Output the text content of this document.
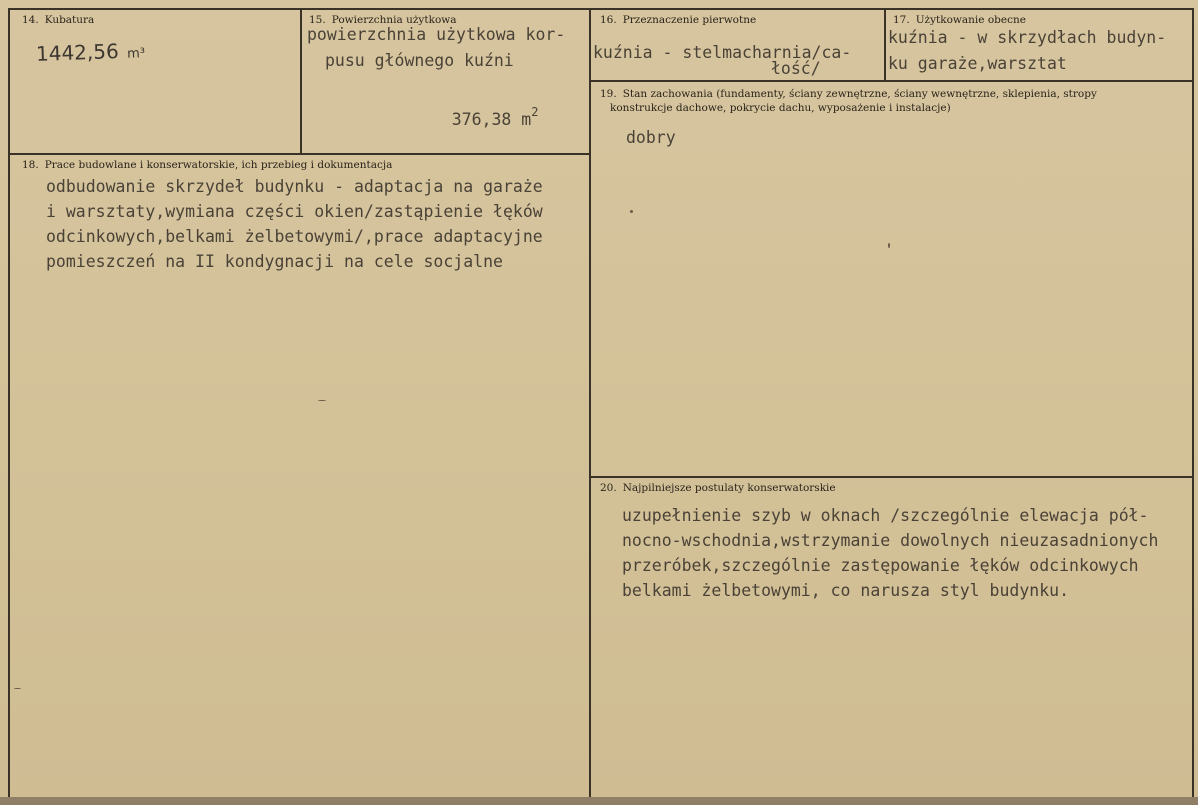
14. Kubatura
1442,56 m³
15. Powierzchnia użytkowa
powierzchnia użytkowa kor-
pusu głównego kuźni

376,38 $m^2$

16. Przeznaczenie pierwotne
kuźnia - stelmacharnia/ca-
łość/
17. Użytkowanie obecne
kuźnia - w skrzydłach budyn-
ku garaże,warsztat
18. Prace budowlane i konserwatorskie, ich przebieg i dokumentacja
odbudowanie skrzydeł budynku - adaptacja na garaże
i warsztaty,wymiana części okien/zastąpienie łęków
odcinkowych,belkami żelbetowymi/,prace adaptacyjne
pomieszczeń na II kondygnacji na cele socjalne
19. Stan zachowania (fundamenty, ściany zewnętrzne, ściany wewnętrzne, sklepienia, stropy
konstrukcje dachowe, pokrycie dachu, wyposażenie i instalacje)
dobry
20. Najpilniejsze postulaty konserwatorskie
uzupełnienie szyb w oknach /szczególnie elewacja pół-
nocno-wschodnia,wstrzymanie dowolnych nieuzasadnionych
przeróbek,szczególnie zastępowanie łęków odcinkowych
belkami żelbetowymi, co narusza styl budynku.
